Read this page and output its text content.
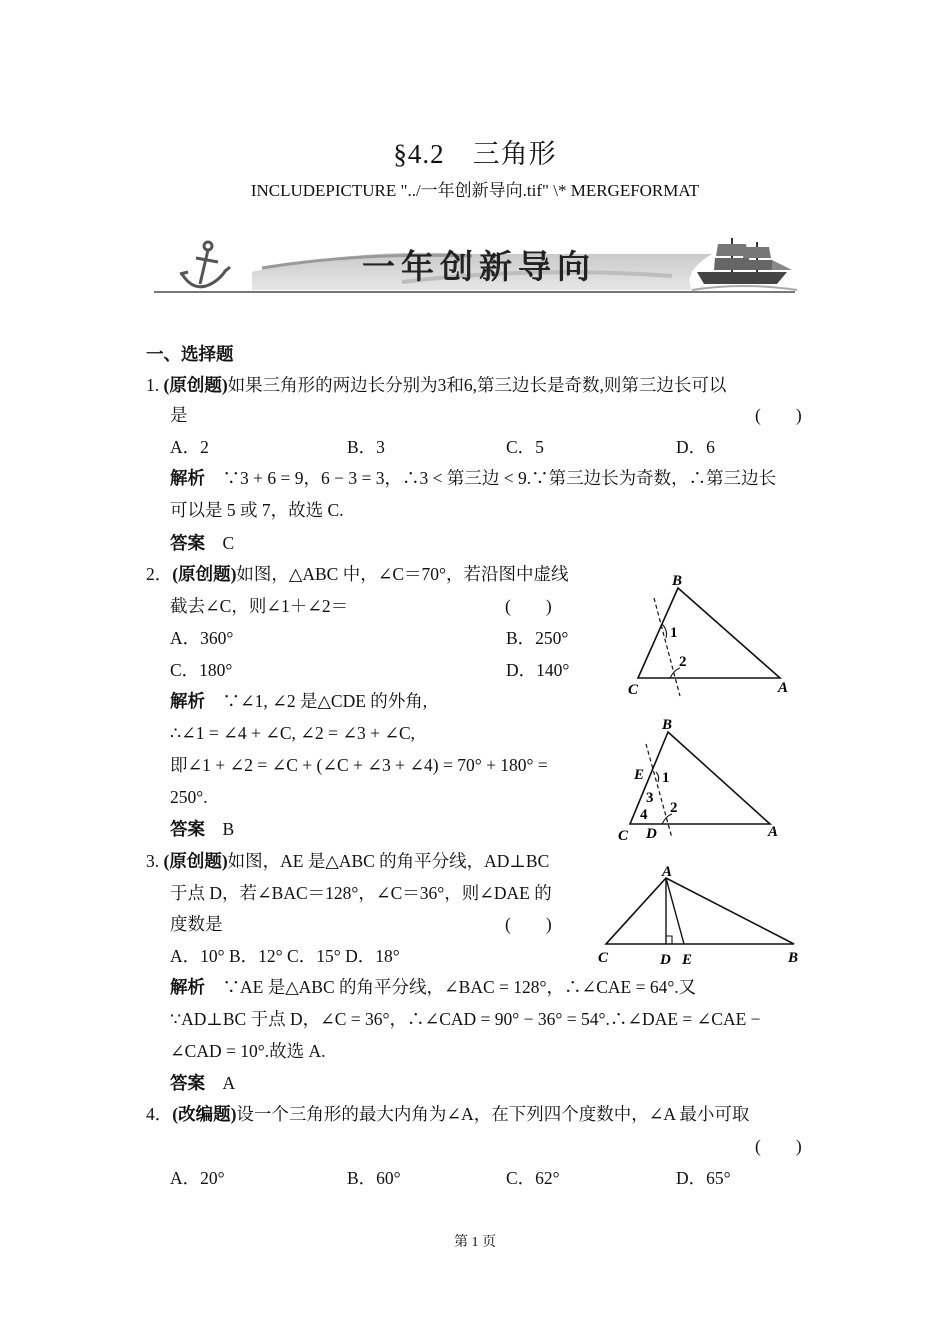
§4.2　三角形
INCLUDEPICTURE "../一年创新导向.tif" \* MERGEFORMAT
一年创新导向
一、选择题
1. (原创题)如果三角形的两边长分别为3和6,第三边长是奇数,则第三边长可以
是	(　　)
A．2	B．3	C．5	D．6
解析　 ∵3 + 6 = 9，6 − 3 = 3，∴3 < 第三边 < 9.∵第三边长为奇数，∴第三边长
可以是 5 或 7，故选 C.
答案　 C
2．(原创题)如图，△ABC 中，∠C＝70°，若沿图中虚线
截去∠C，则∠1＋∠2＝	(　　)
A．360°	B．250°
C．180°	D．140°
解析　 ∵∠1, ∠2 是△CDE 的外角,
∴∠1 = ∠4 + ∠C, ∠2 = ∠3 + ∠C,
即∠1 + ∠2 = ∠C + (∠C + ∠3 + ∠4) = 70° + 180° =
250°.
答案　 B
B
C	A
1
2
B
E 1
3
4 2
C D	A
3. (原创题)如图，AE 是△ABC 的角平分线，AD⊥BC
于点 D，若∠BAC＝128°，∠C＝36°，则∠DAE 的
度数是	(　　)
A．10° B．12° C．15° D．18°
A
C	D E	B
解析　 ∵AE 是△ABC 的角平分线，∠BAC = 128°，∴∠CAE = 64°.又
∵AD⊥BC 于点 D，∠C = 36°，∴∠CAD = 90° − 36° = 54°.∴∠DAE = ∠CAE −
∠CAD = 10°.故选 A.
答案　 A
4．(改编题)设一个三角形的最大内角为∠A，在下列四个度数中，∠A 最小可取
(　　)
A．20°	B．60°	C．62°	D．65°
第 1 页
